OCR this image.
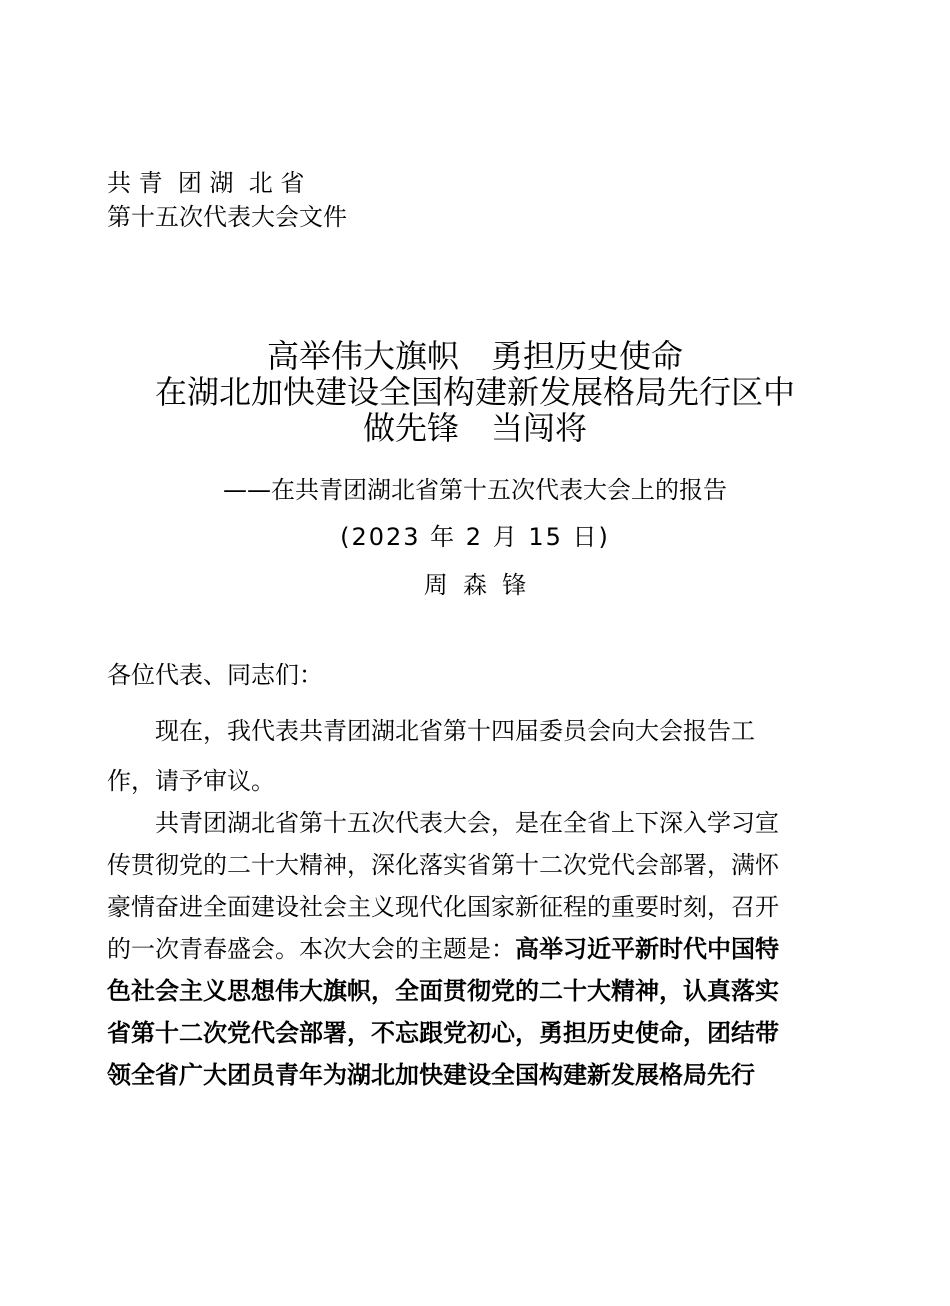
共 青  团 湖  北 省
第十五次代表大会文件
高举伟大旗帜　勇担历史使命
在湖北加快建设全国构建新发展格局先行区中
做先锋　当闯将
——在共青团湖北省第十五次代表大会上的报告
(2023 年 2 月 15 日)
周  森  锋
各位代表、同志们：
　　现在，我代表共青团湖北省第十四届委员会向大会报告工
作，请予审议。
　　共青团湖北省第十五次代表大会，是在全省上下深入学习宣
传贯彻党的二十大精神，深化落实省第十二次党代会部署，满怀
豪情奋进全面建设社会主义现代化国家新征程的重要时刻，召开
的一次青春盛会。本次大会的主题是：高举习近平新时代中国特
色社会主义思想伟大旗帜，全面贯彻党的二十大精神，认真落实
省第十二次党代会部署，不忘跟党初心，勇担历史使命，团结带
领全省广大团员青年为湖北加快建设全国构建新发展格局先行
